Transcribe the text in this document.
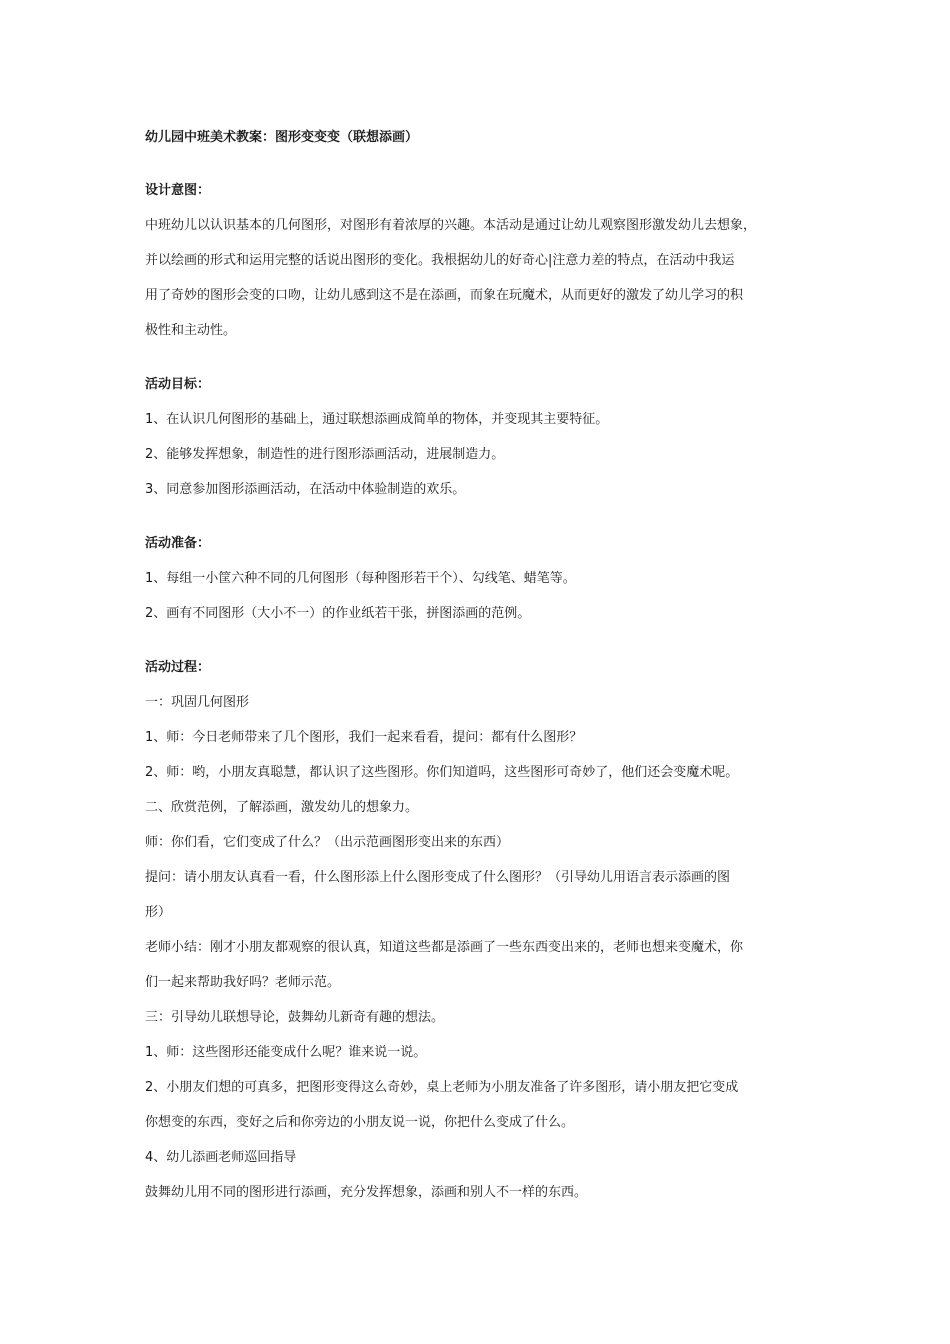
幼儿园中班美术教案：图形变变变（联想添画）
设计意图：
中班幼儿以认识基本的几何图形，对图形有着浓厚的兴趣。本活动是通过让幼儿观察图形激发幼儿去想象，
并以绘画的形式和运用完整的话说出图形的变化。我根据幼儿的好奇心|注意力差的特点，在活动中我运
用了奇妙的图形会变的口吻，让幼儿感到这不是在添画，而象在玩魔术，从而更好的激发了幼儿学习的积
极性和主动性。
活动目标：
1、在认识几何图形的基础上，通过联想添画成简单的物体，并变现其主要特征。
2、能够发挥想象，制造性的进行图形添画活动，进展制造力。
3、同意参加图形添画活动，在活动中体验制造的欢乐。
活动准备：
1、每组一小筐六种不同的几何图形（每种图形若干个）、勾线笔、蜡笔等。
2、画有不同图形（大小不一）的作业纸若干张，拼图添画的范例。
活动过程：
一：巩固几何图形
1、师：今日老师带来了几个图形，我们一起来看看，提问：都有什么图形？
2、师：哟，小朋友真聪慧，都认识了这些图形。你们知道吗，这些图形可奇妙了，他们还会变魔术呢。
二、欣赏范例，了解添画，激发幼儿的想象力。
师：你们看，它们变成了什么？（出示范画图形变出来的东西）
提问：请小朋友认真看一看，什么图形添上什么图形变成了什么图形？（引导幼儿用语言表示添画的图
形）
老师小结：刚才小朋友都观察的很认真，知道这些都是添画了一些东西变出来的，老师也想来变魔术，你
们一起来帮助我好吗？老师示范。
三：引导幼儿联想导论，鼓舞幼儿新奇有趣的想法。
1、师：这些图形还能变成什么呢？谁来说一说。
2、小朋友们想的可真多，把图形变得这么奇妙，桌上老师为小朋友准备了许多图形，请小朋友把它变成
你想变的东西，变好之后和你旁边的小朋友说一说，你把什么变成了什么。
4、幼儿添画老师巡回指导
鼓舞幼儿用不同的图形进行添画，充分发挥想象，添画和别人不一样的东西。
